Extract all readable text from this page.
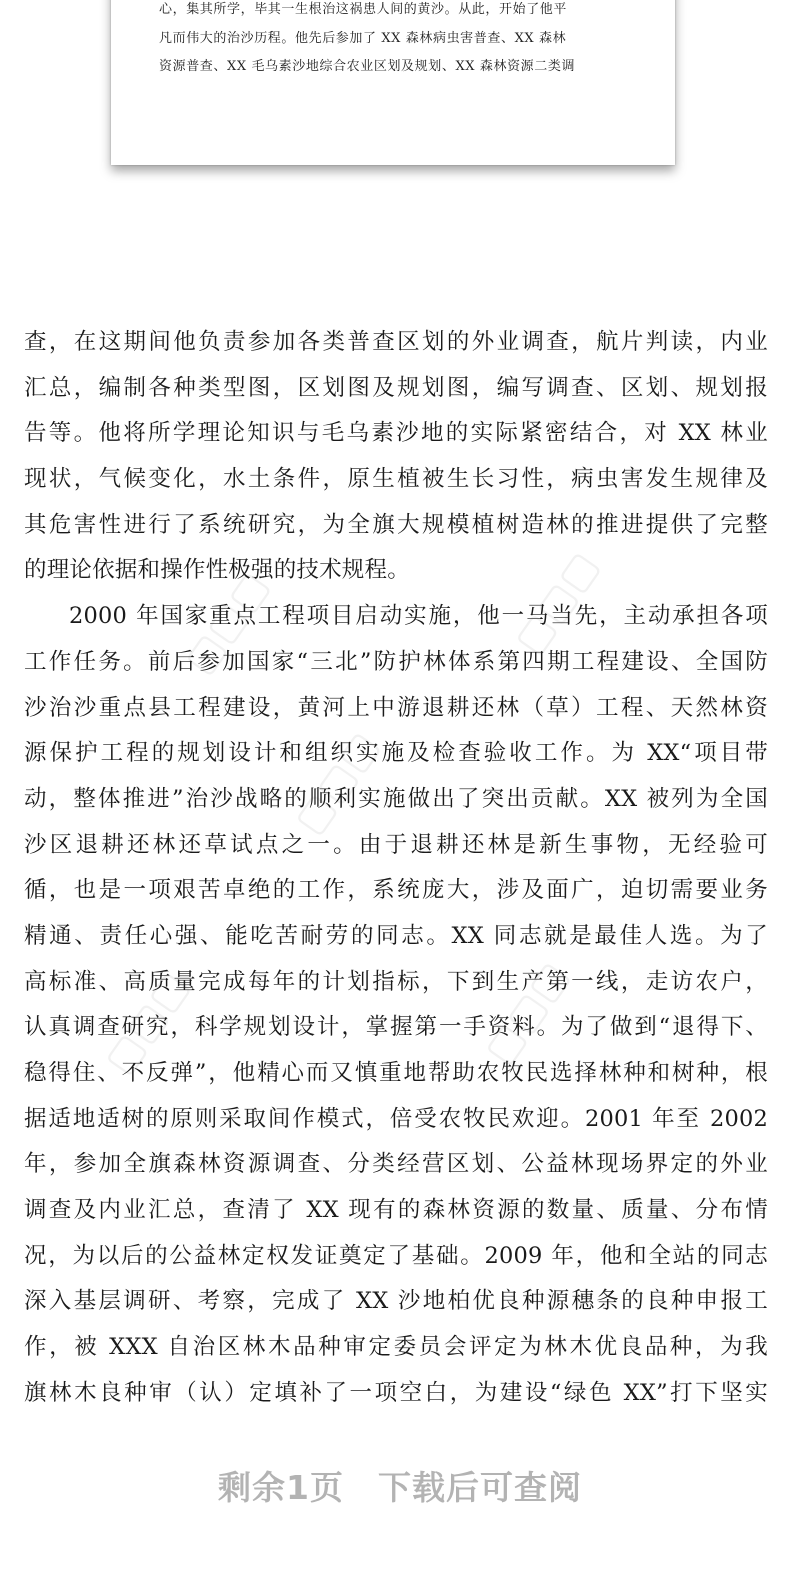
心，集其所学，毕其一生根治这祸患人间的黄沙。从此，开始了他平
凡而伟大的治沙历程。他先后参加了 XX 森林病虫害普查、XX 森林
资源普查、XX 毛乌素沙地综合农业区划及规划、XX 森林资源二类调
▢▢▢	▢▢▢
▢▢▢
▢▢▢	▢▢▢
查，在这期间他负责参加各类普查区划的外业调查，航片判读，内业
汇总，编制各种类型图，区划图及规划图，编写调查、区划、规划报
告等。他将所学理论知识与毛乌素沙地的实际紧密结合，对 XX 林业
现状，气候变化，水土条件，原生植被生长习性，病虫害发生规律及
其危害性进行了系统研究，为全旗大规模植树造林的推进提供了完整
的理论依据和操作性极强的技术规程。
2000 年国家重点工程项目启动实施，他一马当先，主动承担各项
工作任务。前后参加国家“三北”防护林体系第四期工程建设、全国防
沙治沙重点县工程建设，黄河上中游退耕还林（草）工程、天然林资
源保护工程的规划设计和组织实施及检查验收工作。为 XX“项目带
动，整体推进”治沙战略的顺利实施做出了突出贡献。XX 被列为全国
沙区退耕还林还草试点之一。由于退耕还林是新生事物，无经验可
循，也是一项艰苦卓绝的工作，系统庞大，涉及面广，迫切需要业务
精通、责任心强、能吃苦耐劳的同志。XX 同志就是最佳人选。为了
高标准、高质量完成每年的计划指标，下到生产第一线，走访农户，
认真调查研究，科学规划设计，掌握第一手资料。为了做到“退得下、
稳得住、不反弹”，他精心而又慎重地帮助农牧民选择林种和树种，根
据适地适树的原则采取间作模式，倍受农牧民欢迎。2001 年至 2002
年，参加全旗森林资源调查、分类经营区划、公益林现场界定的外业
调查及内业汇总，查清了 XX 现有的森林资源的数量、质量、分布情
况，为以后的公益林定权发证奠定了基础。2009 年，他和全站的同志
深入基层调研、考察，完成了 XX 沙地柏优良种源穗条的良种申报工
作，被 XXX 自治区林木品种审定委员会评定为林木优良品种，为我
旗林木良种审（认）定填补了一项空白，为建设“绿色 XX”打下坚实
剩余1页 下载后可查阅
